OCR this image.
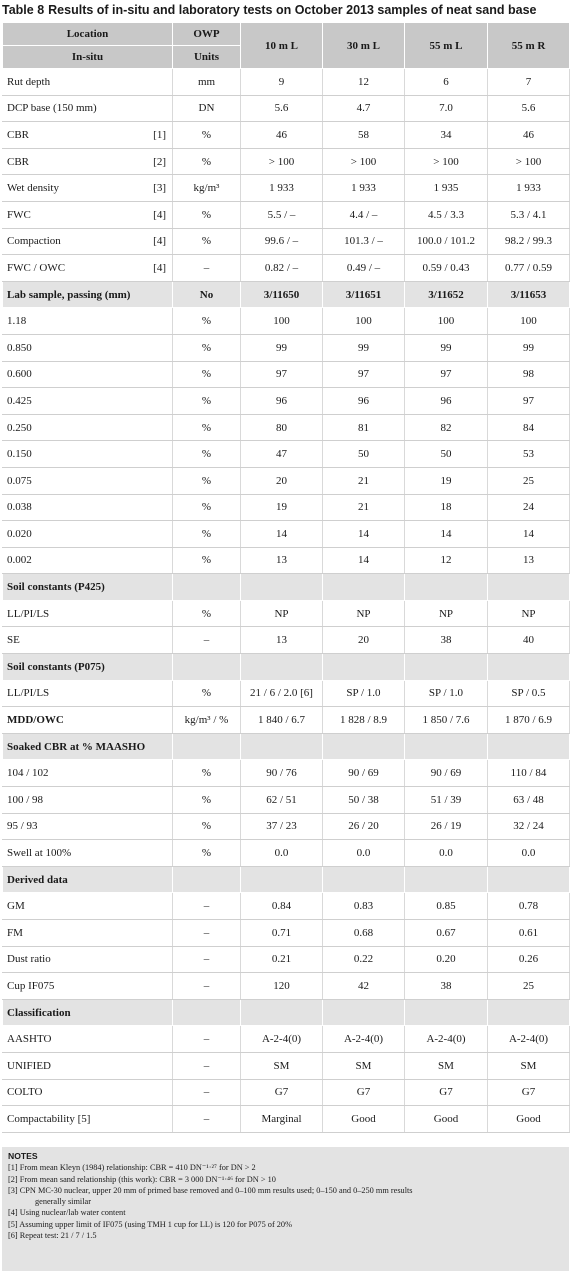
Table 8 Results of in-situ and laboratory tests on October 2013 samples of neat sand base
Location	OWP	10 m L	30 m L	55 m L	55 m R
In-situ	Units				
Rut depth	mm	9	12	6	7
DCP base (150 mm)	DN	5.6	4.7	7.0	5.6
CBR [1]	%	46	58	34	46
CBR [2]	%	> 100	> 100	> 100	> 100
Wet density [3]	kg/m³	1 933	1 933	1 935	1 933
FWC [4]	%	5.5 / –	4.4 / –	4.5 / 3.3	5.3 / 4.1
Compaction [4]	%	99.6 / –	101.3 / –	100.0 / 101.2	98.2 / 99.3
FWC / OWC [4]	–	0.82 / –	0.49 / –	0.59 / 0.43	0.77 / 0.59
Lab sample, passing (mm)	No	3/11650	3/11651	3/11652	3/11653
1.18	%	100	100	100	100
0.850	%	99	99	99	99
0.600	%	97	97	97	98
0.425	%	96	96	96	97
0.250	%	80	81	82	84
0.150	%	47	50	50	53
0.075	%	20	21	19	25
0.038	%	19	21	18	24
0.020	%	14	14	14	14
0.002	%	13	14	12	13
Soil constants (P425)					
LL/PI/LS	%	NP	NP	NP	NP
SE	–	13	20	38	40
Soil constants (P075)					
LL/PI/LS	%	21 / 6 / 2.0 [6]	SP / 1.0	SP / 1.0	SP / 0.5
MDD/OWC	kg/m³ / %	1 840 / 6.7	1 828 / 8.9	1 850 / 7.6	1 870 / 6.9
Soaked CBR at % MAASHO					
104 / 102	%	90 / 76	90 / 69	90 / 69	110 / 84
100 / 98	%	62 / 51	50 / 38	51 / 39	63 / 48
95 / 93	%	37 / 23	26 / 20	26 / 19	32 / 24
Swell at 100%	%	0.0	0.0	0.0	0.0
Derived data					
GM	–	0.84	0.83	0.85	0.78
FM	–	0.71	0.68	0.67	0.61
Dust ratio	–	0.21	0.22	0.20	0.26
Cup IF075	–	120	42	38	25
Classification					
AASHTO	–	A-2-4(0)	A-2-4(0)	A-2-4(0)	A-2-4(0)
UNIFIED	–	SM	SM	SM	SM
COLTO	–	G7	G7	G7	G7
Compactability [5]	–	Marginal	Good	Good	Good
NOTES
[1] From mean Kleyn (1984) relationship: CBR = 410 DN⁻¹·²⁷ for DN > 2
[2] From mean sand relationship (this work): CBR = 3 000 DN⁻¹·⁴⁶ for DN > 10
[3] CPN MC-30 nuclear, upper 20 mm of primed base removed and 0–100 mm results used; 0–150 and 0–250 mm results
generally similar
[4] Using nuclear/lab water content
[5] Assuming upper limit of IF075 (using TMH 1 cup for LL) is 120 for P075 of 20%
[6] Repeat test: 21 / 7 / 1.5
